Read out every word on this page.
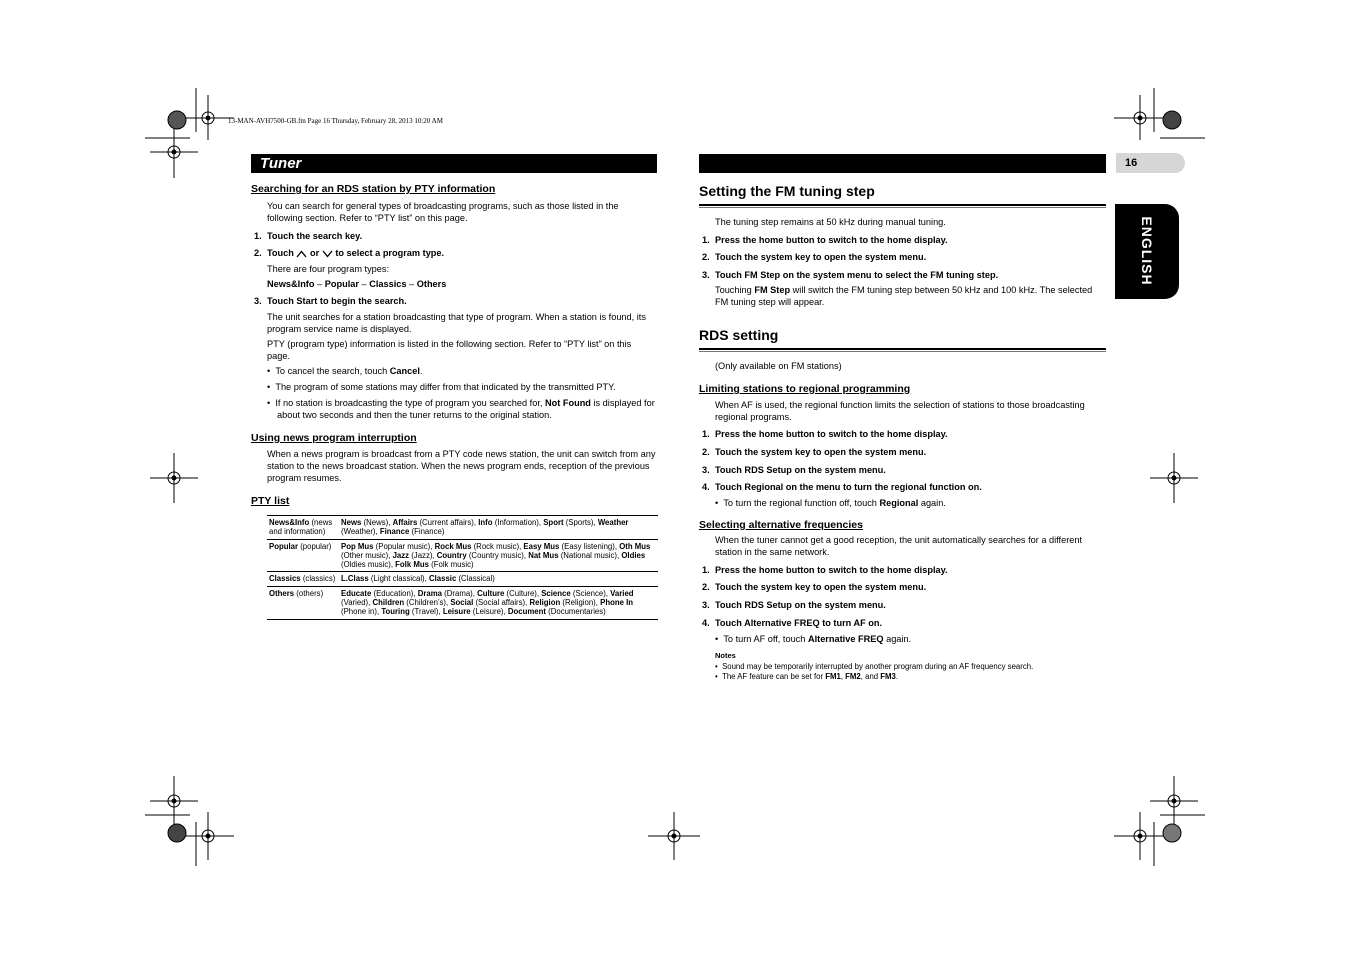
13-MAN-AVH7500-GB.fm Page 16 Thursday, February 28, 2013 10:20 AM
Tuner	16
ENGLISH

Searching for an RDS station by PTY information

You can search for general types of broadcasting programs, such as those listed in the following section. Refer to “PTY list” on this page.

1. Touch the search key.

2. Touch or to select a program type.

There are four program types:

News&Info – Popular – Classics – Others

3. Touch Start to begin the search.

The unit searches for a station broadcasting that type of program. When a station is found, its program service name is displayed.

PTY (program type) information is listed in the following section. Refer to “PTY list” on this page.

•  To cancel the search, touch Cancel.

•  The program of some stations may differ from that indicated by the transmitted PTY.

•  If no station is broadcasting the type of program you searched for, Not Found is displayed for about two seconds and then the tuner returns to the original station.

Using news program interruption

When a news program is broadcast from a PTY code news station, the unit can switch from any station to the news broadcast station. When the news program ends, reception of the previous program resumes.

PTY list

News&Info (news and information)	News (News), Affairs (Current affairs), Info (Information), Sport (Sports), Weather (Weather), Finance (Finance)
Popular (popular)	Pop Mus (Popular music), Rock Mus (Rock music), Easy Mus (Easy listening), Oth Mus (Other music), Jazz (Jazz), Country (Country music), Nat Mus (National music), Oldies (Oldies music), Folk Mus (Folk music)
Classics (classics)	L.Class (Light classical), Classic (Classical)
Others (others)	Educate (Education), Drama (Drama), Culture (Culture), Science (Science), Varied (Varied), Children (Children’s), Social (Social affairs), Religion (Religion), Phone In (Phone in), Touring (Travel), Leisure (Leisure), Document (Documentaries)

Setting the FM tuning step

The tuning step remains at 50 kHz during manual tuning.

1. Press the home button to switch to the home display.

2. Touch the system key to open the system menu.

3. Touch FM Step on the system menu to select the FM tuning step.

Touching FM Step will switch the FM tuning step between 50 kHz and 100 kHz. The selected FM tuning step will appear.

RDS setting

(Only available on FM stations)

Limiting stations to regional programming

When AF is used, the regional function limits the selection of stations to those broadcasting regional programs.

1. Press the home button to switch to the home display.

2. Touch the system key to open the system menu.

3. Touch RDS Setup on the system menu.

4. Touch Regional on the menu to turn the regional function on.

•  To turn the regional function off, touch Regional again.

Selecting alternative frequencies

When the tuner cannot get a good reception, the unit automatically searches for a different station in the same network.

1. Press the home button to switch to the home display.

2. Touch the system key to open the system menu.

3. Touch RDS Setup on the system menu.

4. Touch Alternative FREQ to turn AF on.

•  To turn AF off, touch Alternative FREQ again.

Notes

•  Sound may be temporarily interrupted by another program during an AF frequency search.

•  The AF feature can be set for FM1, FM2, and FM3.
